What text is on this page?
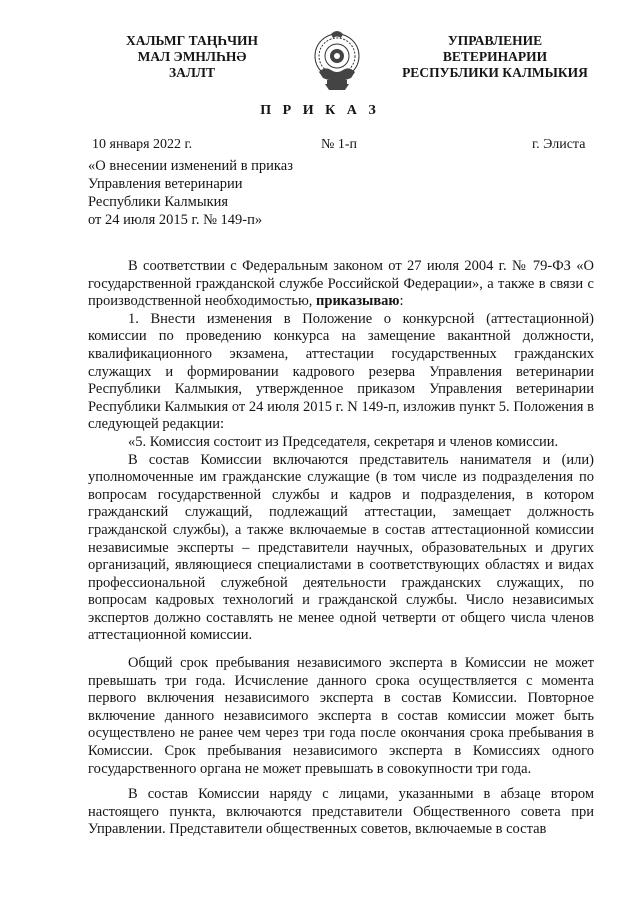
ХАЛЬМГ ТАҢҺЧИН
МАЛ ЭМНЛҺНӘ
ЗАЛЛТ
УПРАВЛЕНИЕ
ВЕТЕРИНАРИИ
РЕСПУБЛИКИ КАЛМЫКИЯ
П Р И К А З
10 января 2022 г.	№ 1-п	г. Элиста
«О внесении изменений в приказ
Управления ветеринарии
Республики Калмыкия
от 24 июля 2015 г. № 149-п»

В соответствии с Федеральным законом от 27 июля 2004 г. № 79-ФЗ «О государственной гражданской службе Российской Федерации», а также в связи с производственной необходимостью, приказываю:

1. Внести изменения в Положение о конкурсной (аттестационной) комиссии по проведению конкурса на замещение вакантной должности, квалификационного экзамена, аттестации государственных гражданских служащих и формировании кадрового резерва Управления ветеринарии Республики Калмыкия, утвержденное приказом Управления ветеринарии Республики Калмыкия от 24 июля 2015 г. N 149-п, изложив пункт 5. Положения в следующей редакции:

«5. Комиссия состоит из Председателя, секретаря и членов комиссии.

В состав Комиссии включаются представитель нанимателя и (или) уполномоченные им гражданские служащие (в том числе из подразделения по вопросам государственной службы и кадров и подразделения, в котором гражданский служащий, подлежащий аттестации, замещает должность гражданской службы), а также включаемые в состав аттестационной комиссии независимые эксперты – представители научных, образовательных и других организаций, являющиеся специалистами в соответствующих областях и видах профессиональной служебной деятельности гражданских служащих, по вопросам кадровых технологий и гражданской службы. Число независимых экспертов должно составлять не менее одной четверти от общего числа членов аттестационной комиссии.

Общий срок пребывания независимого эксперта в Комиссии не может превышать три года. Исчисление данного срока осуществляется с момента первого включения независимого эксперта в состав Комиссии. Повторное включение данного независимого эксперта в состав комиссии может быть осуществлено не ранее чем через три года после окончания срока пребывания в Комиссии. Срок пребывания независимого эксперта в Комиссиях одного государственного органа не может превышать в совокупности три года.

В состав Комиссии наряду с лицами, указанными в абзаце втором настоящего пункта, включаются представители Общественного совета при Управлении. Представители общественных советов, включаемые в состав
